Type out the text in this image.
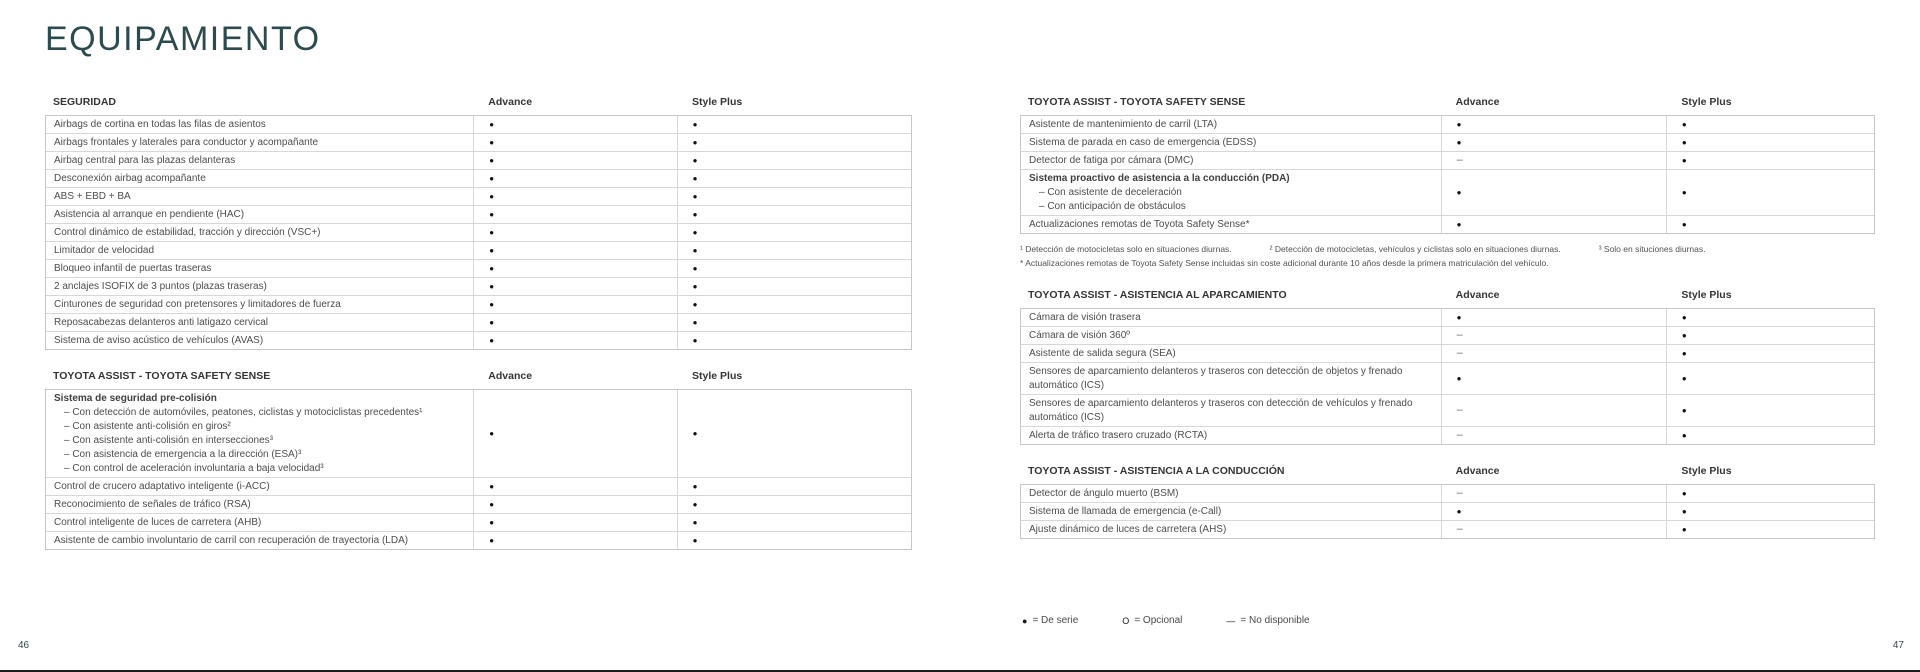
EQUIPAMIENTO
SEGURIDAD	Advance	Style Plus
Airbags de cortina en todas las filas de asientos	●	●
Airbags frontales y laterales para conductor y acompañante	●	●
Airbag central para las plazas delanteras	●	●
Desconexión airbag acompañante	●	●
ABS + EBD + BA	●	●
Asistencia al arranque en pendiente (HAC)	●	●
Control dinámico de estabilidad, tracción y dirección (VSC+)	●	●
Limitador de velocidad	●	●
Bloqueo infantil de puertas traseras	●	●
2 anclajes ISOFIX de 3 puntos (plazas traseras)	●	●
Cinturones de seguridad con pretensores y limitadores de fuerza	●	●
Reposacabezas delanteros anti latigazo cervical	●	●
Sistema de aviso acústico de vehículos (AVAS)	●	●
TOYOTA ASSIST - TOYOTA SAFETY SENSE	Advance	Style Plus
Sistema de seguridad pre-colisión
– Con detección de automóviles, peatones, ciclistas y motociclistas precedentes¹
– Con asistente anti-colisión en giros²
– Con asistente anti-colisión en intersecciones³
– Con asistencia de emergencia a la dirección (ESA)³
– Con control de aceleración involuntaria a baja velocidad³
●	●
Control de crucero adaptativo inteligente (i-ACC)	●	●
Reconocimiento de señales de tráfico (RSA)	●	●
Control inteligente de luces de carretera (AHB)	●	●
Asistente de cambio involuntario de carril con recuperación de trayectoria (LDA)	●	●
TOYOTA ASSIST - TOYOTA SAFETY SENSE	Advance	Style Plus
Asistente de mantenimiento de carril (LTA)	●	●
Sistema de parada en caso de emergencia (EDSS)	●	●
Detector de fatiga por cámara (DMC)	–	●
Sistema proactivo de asistencia a la conducción (PDA)
– Con asistente de deceleración
– Con anticipación de obstáculos
●	●
Actualizaciones remotas de Toyota Safety Sense*	●	●
¹ Detección de motocicletas solo en situaciones diurnas.	² Detección de motocicletas, vehículos y ciclistas solo en situaciones diurnas.	³ Solo en situciones diurnas.
* Actualizaciones remotas de Toyota Safety Sense incluidas sin coste adicional durante 10 años desde la primera matriculación del vehículo.
TOYOTA ASSIST - ASISTENCIA AL APARCAMIENTO	Advance	Style Plus
Cámara de visión trasera	●	●
Cámara de visión 360º	–	●
Asistente de salida segura (SEA)	–	●
Sensores de aparcamiento delanteros y traseros con detección de objetos y frenado automático (ICS)
●	●
Sensores de aparcamiento delanteros y traseros con detección de vehículos y frenado automático (ICS)
–	●
Alerta de tráfico trasero cruzado (RCTA)	–	●
TOYOTA ASSIST - ASISTENCIA A LA CONDUCCIÓN	Advance	Style Plus
Detector de ángulo muerto (BSM)	–	●
Sistema de llamada de emergencia (e-Call)	●	●
Ajuste dinámico de luces de carretera (AHS)	–	●
● = De serie	O = Opcional	— = No disponible
46	47
